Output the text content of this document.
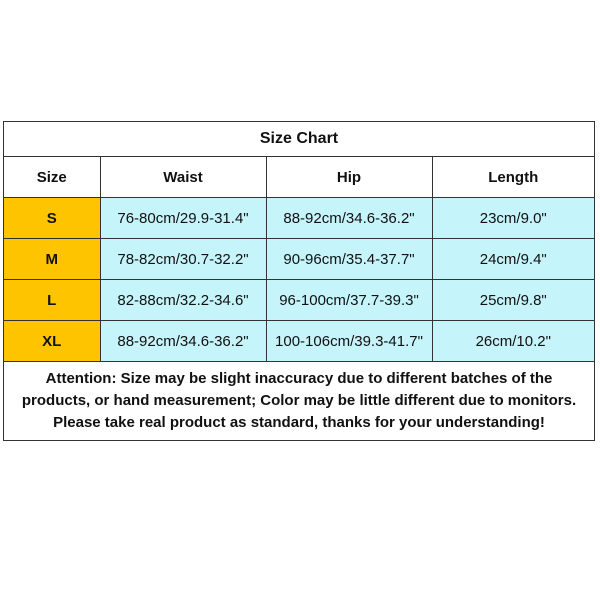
Size Chart
Size	Waist	Hip	Length
S	76-80cm/29.9-31.4"	88-92cm/34.6-36.2"	23cm/9.0"
M	78-82cm/30.7-32.2"	90-96cm/35.4-37.7"	24cm/9.4"
L	82-88cm/32.2-34.6"	96-100cm/37.7-39.3"	25cm/9.8"
XL	88-92cm/34.6-36.2"	100-106cm/39.3-41.7"	26cm/10.2"
Attention: Size may be slight inaccuracy due to different batches of the products, or hand measurement; Color may be little different due to monitors. Please take real product as standard, thanks for your understanding!
